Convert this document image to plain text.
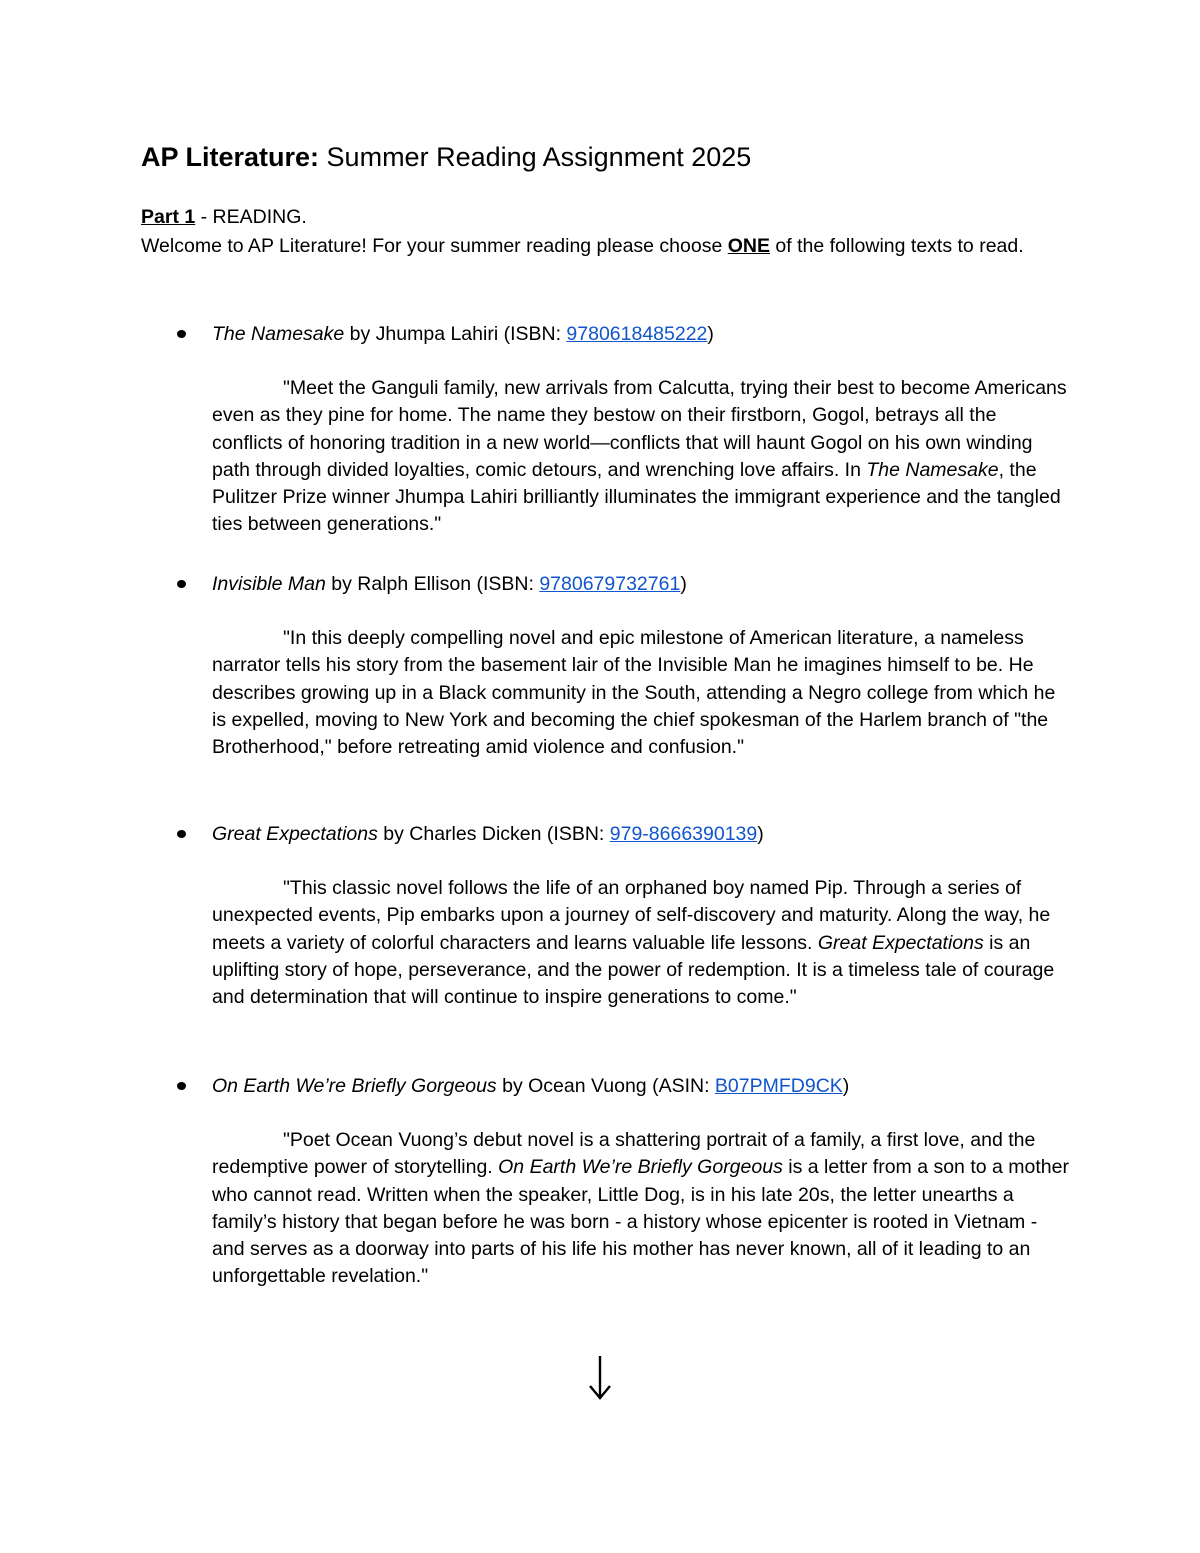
AP Literature: Summer Reading Assignment 2025

Part 1 - READING.

Welcome to AP Literature! For your summer reading please choose ONE of the following texts to read.

The Namesake by Jhumpa Lahiri (ISBN: 9780618485222)

"Meet the Ganguli family, new arrivals from Calcutta, trying their best to become Americans even as they pine for home. The name they bestow on their firstborn, Gogol, betrays all the conflicts of honoring tradition in a new world—conflicts that will haunt Gogol on his own winding path through divided loyalties, comic detours, and wrenching love affairs. In The Namesake, the Pulitzer Prize winner Jhumpa Lahiri brilliantly illuminates the immigrant experience and the tangled ties between generations."

Invisible Man by Ralph Ellison (ISBN: 9780679732761)

"In this deeply compelling novel and epic milestone of American literature, a nameless narrator tells his story from the basement lair of the Invisible Man he imagines himself to be. He describes growing up in a Black community in the South, attending a Negro college from which he is expelled, moving to New York and becoming the chief spokesman of the Harlem branch of "the Brotherhood," before retreating amid violence and confusion."

Great Expectations by Charles Dicken (ISBN: 979-8666390139)

"This classic novel follows the life of an orphaned boy named Pip. Through a series of unexpected events, Pip embarks upon a journey of self-discovery and maturity. Along the way, he meets a variety of colorful characters and learns valuable life lessons. Great Expectations is an uplifting story of hope, perseverance, and the power of redemption. It is a timeless tale of courage and determination that will continue to inspire generations to come."

On Earth We’re Briefly Gorgeous by Ocean Vuong (ASIN: B07PMFD9CK)

"Poet Ocean Vuong’s debut novel is a shattering portrait of a family, a first love, and the redemptive power of storytelling. On Earth We’re Briefly Gorgeous is a letter from a son to a mother who cannot read. Written when the speaker, Little Dog, is in his late 20s, the letter unearths a family’s history that began before he was born - a history whose epicenter is rooted in Vietnam - and serves as a doorway into parts of his life his mother has never known, all of it leading to an unforgettable revelation."
